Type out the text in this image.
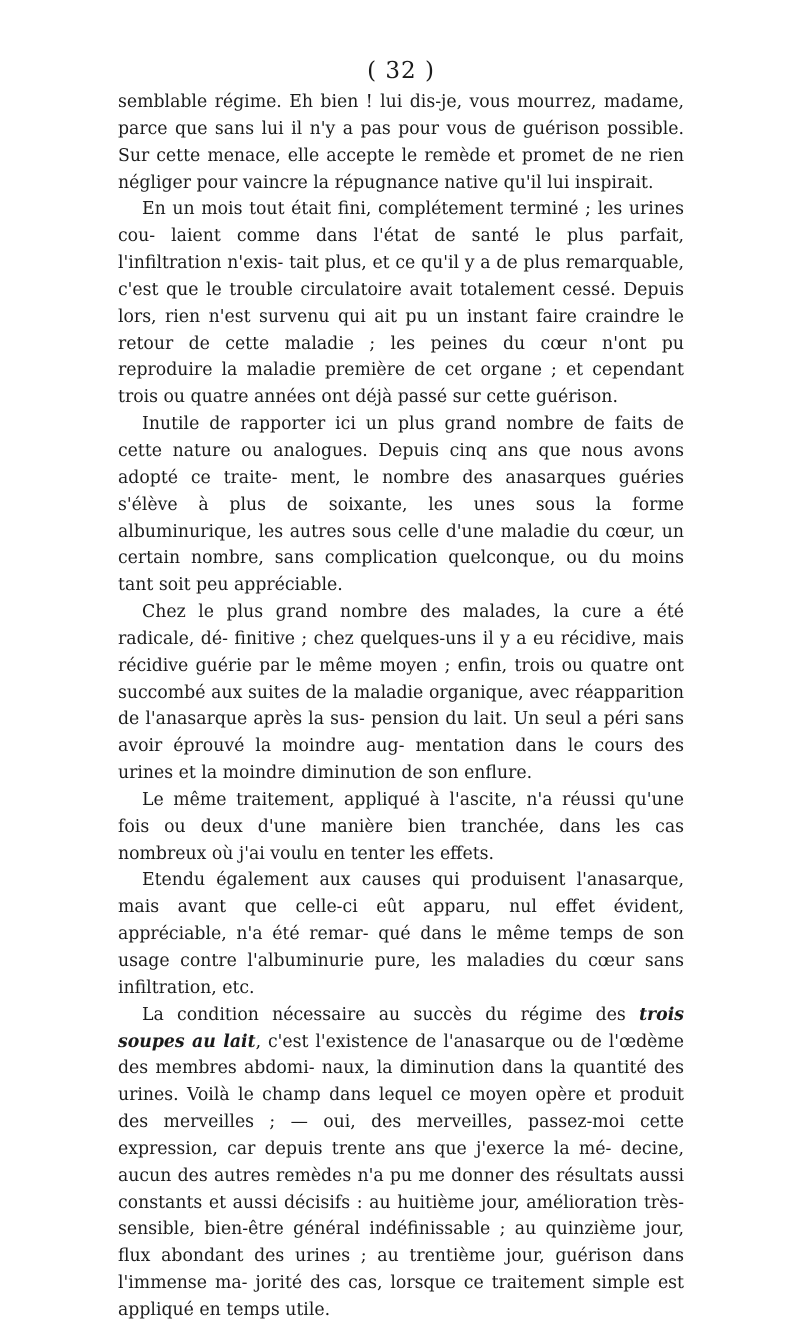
( 32 )

semblable régime. Eh bien ! lui dis-je, vous mourrez, madame, parce que sans lui il n'y a pas pour vous de guérison possible. Sur cette menace, elle accepte le remède et promet de ne rien négliger pour vaincre la répugnance native qu'il lui inspirait.

En un mois tout était fini, complétement terminé ; les urines cou- laient comme dans l'état de santé le plus parfait, l'infiltration n'exis- tait plus, et ce qu'il y a de plus remarquable, c'est que le trouble circulatoire avait totalement cessé. Depuis lors, rien n'est survenu qui ait pu un instant faire craindre le retour de cette maladie ; les peines du cœur n'ont pu reproduire la maladie première de cet organe ; et cependant trois ou quatre années ont déjà passé sur cette guérison.

Inutile de rapporter ici un plus grand nombre de faits de cette nature ou analogues. Depuis cinq ans que nous avons adopté ce traite- ment, le nombre des anasarques guéries s'élève à plus de soixante, les unes sous la forme albuminurique, les autres sous celle d'une maladie du cœur, un certain nombre, sans complication quelconque, ou du moins tant soit peu appréciable.

Chez le plus grand nombre des malades, la cure a été radicale, dé- finitive ; chez quelques-uns il y a eu récidive, mais récidive guérie par le même moyen ; enfin, trois ou quatre ont succombé aux suites de la maladie organique, avec réapparition de l'anasarque après la sus- pension du lait. Un seul a péri sans avoir éprouvé la moindre aug- mentation dans le cours des urines et la moindre diminution de son enflure.

Le même traitement, appliqué à l'ascite, n'a réussi qu'une fois ou deux d'une manière bien tranchée, dans les cas nombreux où j'ai voulu en tenter les effets.

Etendu également aux causes qui produisent l'anasarque, mais avant que celle-ci eût apparu, nul effet évident, appréciable, n'a été remar- qué dans le même temps de son usage contre l'albuminurie pure, les maladies du cœur sans infiltration, etc.

La condition nécessaire au succès du régime des trois soupes au lait, c'est l'existence de l'anasarque ou de l'œdème des membres abdomi- naux, la diminution dans la quantité des urines. Voilà le champ dans lequel ce moyen opère et produit des merveilles ; — oui, des merveilles, passez-moi cette expression, car depuis trente ans que j'exerce la mé- decine, aucun des autres remèdes n'a pu me donner des résultats aussi constants et aussi décisifs : au huitième jour, amélioration très- sensible, bien-être général indéfinissable ; au quinzième jour, flux abondant des urines ; au trentième jour, guérison dans l'immense ma- jorité des cas, lorsque ce traitement simple est appliqué en temps utile.
